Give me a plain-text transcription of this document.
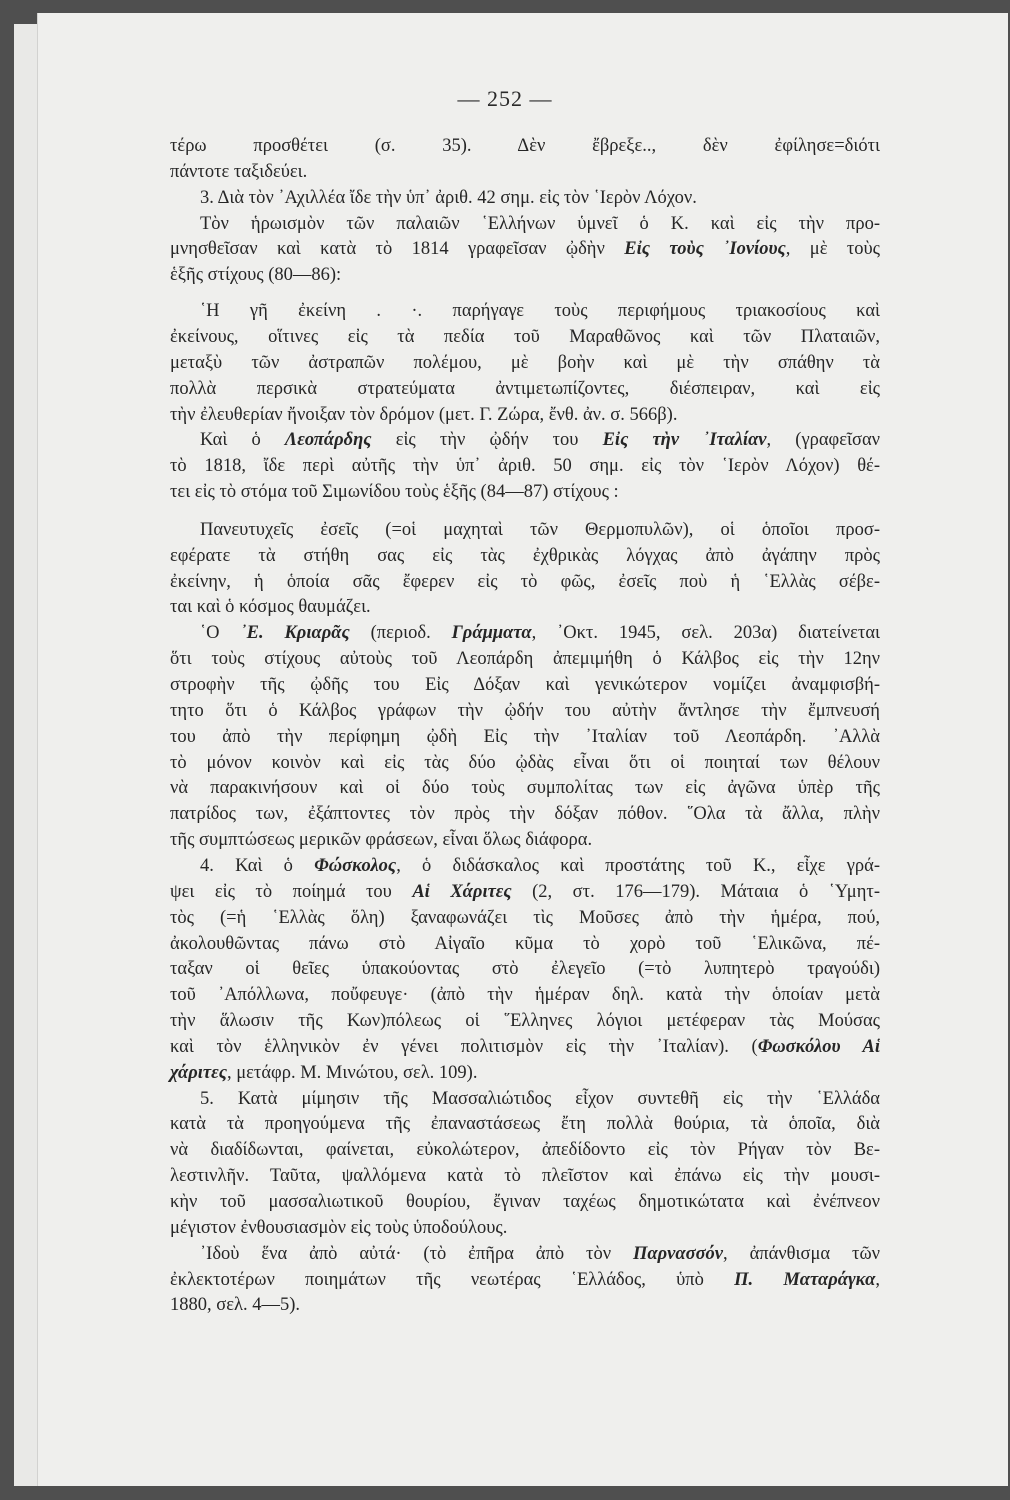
— 252 —
τέρω προσθέτει (σ. 35). Δὲν ἔβρεξε.., δὲν ἐφίλησε=διότι
πάντοτε ταξιδεύει.
3. Διὰ τὸν ᾿Αχιλλέα ἴδε τὴν ὑπ᾿ ἀριθ. 42 σημ. εἰς τὸν ῾Ιερὸν Λόχον.
Τὸν ἡρωισμὸν τῶν παλαιῶν ῾Ελλήνων ὑμνεῖ ὁ Κ. καὶ εἰς τὴν προ-
μνησθεῖσαν καὶ κατὰ τὸ 1814 γραφεῖσαν ᾠδὴν Εἰς τοὺς ᾿Ιονίους, μὲ τοὺς
ἑξῆς στίχους (80—86):
῾Η γῆ ἐκείνη . ·. παρήγαγε τοὺς περιφήμους τριακοσίους καὶ
ἐκείνους, οἵτινες εἰς τὰ πεδία τοῦ Μαραθῶνος καὶ τῶν Πλαταιῶν,
μεταξὺ τῶν ἀστραπῶν πολέμου, μὲ βοὴν καὶ μὲ τὴν σπάθην τὰ
πολλὰ περσικὰ στρατεύματα ἀντιμετωπίζοντες, διέσπειραν, καὶ εἰς
τὴν ἐλευθερίαν ἤνοιξαν τὸν δρόμον (μετ. Γ. Ζώρα, ἔνθ. ἀν. σ. 566β).
Καὶ ὁ Λεοπάρδης εἰς τὴν ᾠδήν του Εἰς τὴν ᾿Ιταλίαν, (γραφεῖσαν
τὸ 1818, ἴδε περὶ αὐτῆς τὴν ὑπ᾿ ἀριθ. 50 σημ. εἰς τὸν ῾Ιερὸν Λόχον) θέ-
τει εἰς τὸ στόμα τοῦ Σιμωνίδου τοὺς ἑξῆς (84—87) στίχους :
Πανευτυχεῖς ἐσεῖς (=οἱ μαχηταὶ τῶν Θερμοπυλῶν), οἱ ὁποῖοι προσ-
εφέρατε τὰ στήθη σας εἰς τὰς ἐχθρικὰς λόγχας ἀπὸ ἀγάπην πρὸς
ἐκείνην, ἡ ὁποία σᾶς ἔφερεν εἰς τὸ φῶς, ἐσεῖς ποὺ ἡ ῾Ελλὰς σέβε-
ται καὶ ὁ κόσμος θαυμάζει.
῾Ο ᾿Ε. Κριαρᾶς (περιοδ. Γράμματα, ᾿Οκτ. 1945, σελ. 203α) διατείνεται
ὅτι τοὺς στίχους αὐτοὺς τοῦ Λεοπάρδη ἀπεμιμήθη ὁ Κάλβος εἰς τὴν 12ην
στροφὴν τῆς ᾠδῆς του Εἰς Δόξαν καὶ γενικώτερον νομίζει ἀναμφισβή-
τητο ὅτι ὁ Κάλβος γράφων τὴν ᾠδήν του αὐτὴν ἄντλησε τὴν ἔμπνευσή
του ἀπὸ τὴν περίφημη ᾠδὴ Εἰς τὴν ᾿Ιταλίαν τοῦ Λεοπάρδη. ᾿Αλλὰ
τὸ μόνον κοινὸν καὶ εἰς τὰς δύο ᾠδὰς εἶναι ὅτι οἱ ποιηταί των θέλουν
νὰ παρακινήσουν καὶ οἱ δύο τοὺς συμπολίτας των εἰς ἀγῶνα ὑπὲρ τῆς
πατρίδος των, ἐξάπτοντες τὸν πρὸς τὴν δόξαν πόθον. ῞Ολα τὰ ἄλλα, πλὴν
τῆς συμπτώσεως μερικῶν φράσεων, εἶναι ὅλως διάφορα.
4. Καὶ ὁ Φώσκολος, ὁ διδάσκαλος καὶ προστάτης τοῦ Κ., εἶχε γρά-
ψει εἰς τὸ ποίημά του Αἱ Χάριτες (2, στ. 176—179). Μάταια ὁ ῾Υμητ-
τὸς (=ἡ ῾Ελλὰς ὅλη) ξαναφωνάζει τὶς Μοῦσες ἀπὸ τὴν ἡμέρα, πού,
ἀκολουθῶντας πάνω στὸ Αἰγαῖο κῦμα τὸ χορὸ τοῦ ῾Ελικῶνα, πέ-
ταξαν οἱ θεῖες ὑπακούοντας στὸ ἐλεγεῖο (=τὸ λυπητερὸ τραγούδι)
τοῦ ᾿Απόλλωνα, ποὔφευγε· (ἀπὸ τὴν ἡμέραν δηλ. κατὰ τὴν ὁποίαν μετὰ
τὴν ἅλωσιν τῆς Κων)πόλεως οἱ ῞Ελληνες λόγιοι μετέφεραν τὰς Μούσας
καὶ τὸν ἑλληνικὸν ἐν γένει πολιτισμὸν εἰς τὴν ᾿Ιταλίαν). (Φωσκόλου Αἱ
χάριτες, μετάφρ. Μ. Μινώτου, σελ. 109).
5. Κατὰ μίμησιν τῆς Μασσαλιώτιδος εἶχον συντεθῆ εἰς τὴν ῾Ελλάδα
κατὰ τὰ προηγούμενα τῆς ἐπαναστάσεως ἔτη πολλὰ θούρια, τὰ ὁποῖα, διὰ
νὰ διαδίδωνται, φαίνεται, εὐκολώτερον, ἀπεδίδοντο εἰς τὸν Ρήγαν τὸν Βε-
λεστινλῆν. Ταῦτα, ψαλλόμενα κατὰ τὸ πλεῖστον καὶ ἐπάνω εἰς τὴν μουσι-
κὴν τοῦ μασσαλιωτικοῦ θουρίου, ἔγιναν ταχέως δημοτικώτατα καὶ ἐνέπνεον
μέγιστον ἐνθουσιασμὸν εἰς τοὺς ὑποδούλους.
᾿Ιδοὺ ἕνα ἀπὸ αὐτά· (τὸ ἐπῆρα ἀπὸ τὸν Παρνασσόν, ἀπάνθισμα τῶν
ἐκλεκτοτέρων ποιημάτων τῆς νεωτέρας ῾Ελλάδος, ὑπὸ Π. Ματαράγκα,
1880, σελ. 4—5).
